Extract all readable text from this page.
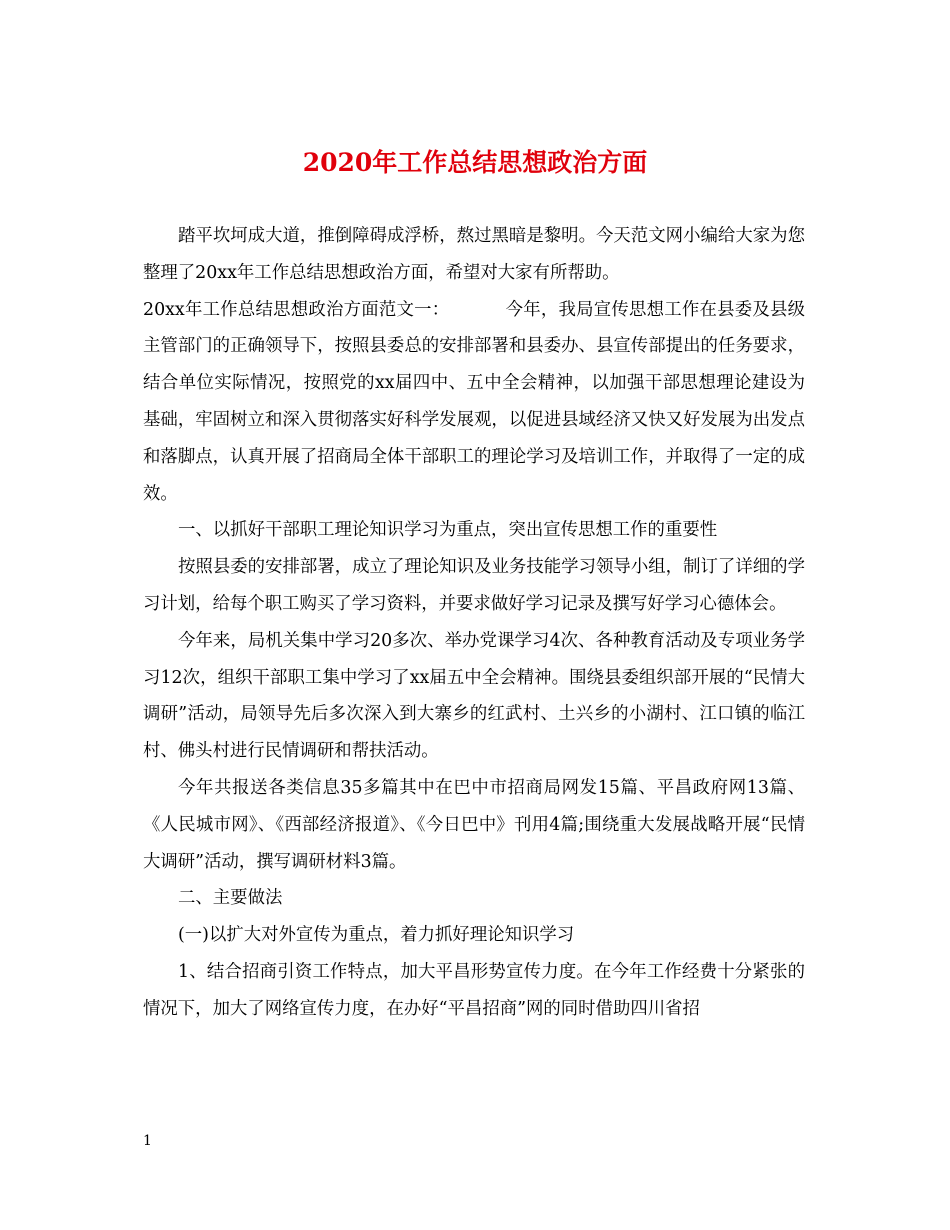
2020年工作总结思想政治方面

踏平坎坷成大道，推倒障碍成浮桥，熬过黑暗是黎明。今天范文网小编给大家为您整理了20xx年工作总结思想政治方面，希望对大家有所帮助。

20xx年工作总结思想政治方面范文一：	今年，我局宣传思想工作在县委及县级主管部门的正确领导下，按照县委总的安排部署和县委办、县宣传部提出的任务要求，结合单位实际情况，按照党的xx届四中、五中全会精神，以加强干部思想理论建设为基础，牢固树立和深入贯彻落实好科学发展观，以促进县域经济又快又好发展为出发点和落脚点，认真开展了招商局全体干部职工的理论学习及培训工作，并取得了一定的成效。

一、以抓好干部职工理论知识学习为重点，突出宣传思想工作的重要性

按照县委的安排部署，成立了理论知识及业务技能学习领导小组，制订了详细的学习计划，给每个职工购买了学习资料，并要求做好学习记录及撰写好学习心德体会。

今年来，局机关集中学习20多次、举办党课学习4次、各种教育活动及专项业务学习12次，组织干部职工集中学习了xx届五中全会精神。围绕县委组织部开展的“民情大调研”活动，局领导先后多次深入到大寨乡的红武村、土兴乡的小湖村、江口镇的临江村、佛头村进行民情调研和帮扶活动。

今年共报送各类信息35多篇其中在巴中市招商局网发15篇、平昌政府网13篇、《人民城市网》、《西部经济报道》、《今日巴中》刊用4篇;围绕重大发展战略开展“民情大调研”活动，撰写调研材料3篇。

二、主要做法

(一)以扩大对外宣传为重点，着力抓好理论知识学习

1、结合招商引资工作特点，加大平昌形势宣传力度。在今年工作经费十分紧张的情况下，加大了网络宣传力度，在办好“平昌招商”网的同时借助四川省招

1
